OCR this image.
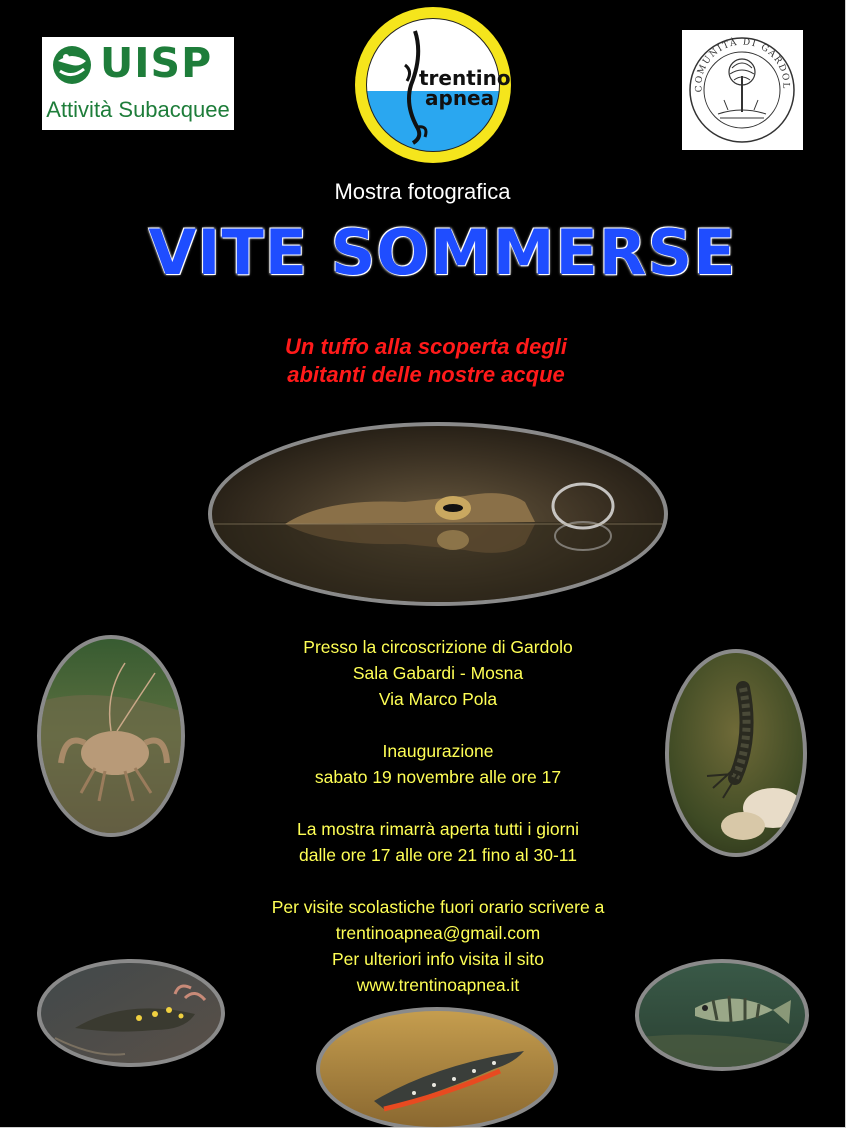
UISP
Attività Subacquee
trentino
apnea	COMUNITÀ DI GARDOL
Mostra fotografica
VITE SOMMERSE
Un tuffo alla scoperta degli
abitanti delle nostre acque
Presso la circoscrizione di Gardolo
Sala Gabardi - Mosna
Via Marco Pola
Inaugurazione
sabato 19 novembre alle ore 17
La mostra rimarrà aperta tutti i giorni
dalle ore 17 alle ore 21 fino al 30-11
Per visite scolastiche fuori orario scrivere a
trentinoapnea@gmail.com
Per ulteriori info visita il sito
www.trentinoapnea.it
